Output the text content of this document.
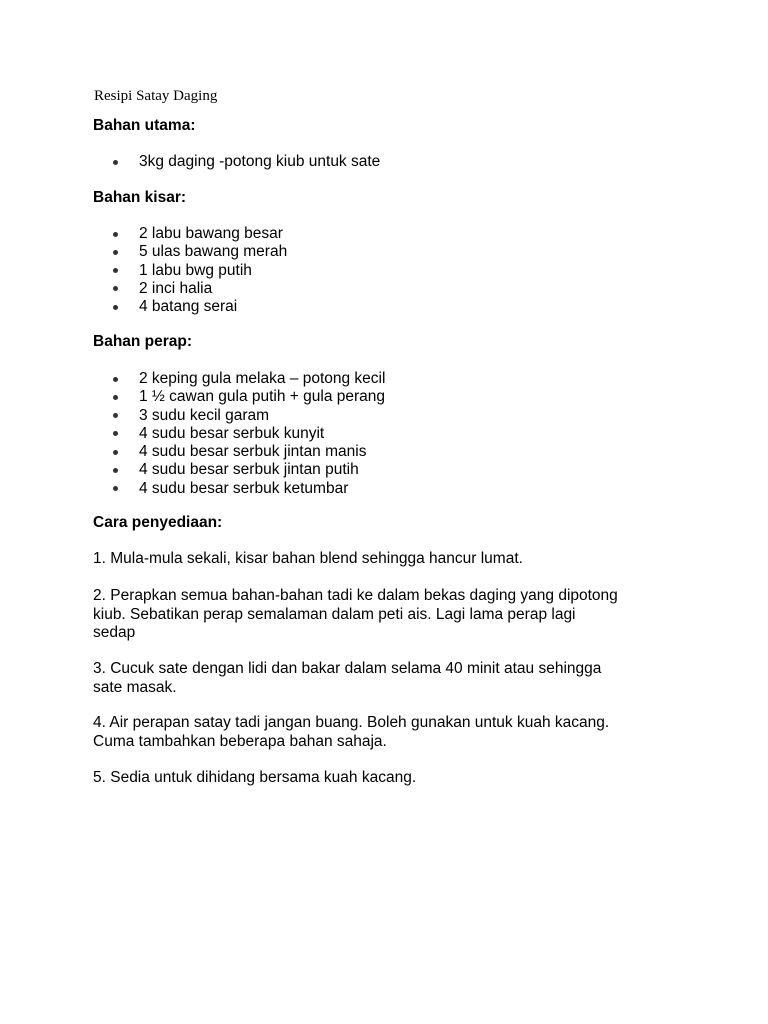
Resipi Satay Daging
Bahan utama:
3kg daging -potong kiub untuk sate
Bahan kisar:
2 labu bawang besar
5 ulas bawang merah
1 labu bwg putih
2 inci halia
4 batang serai
Bahan perap:
2 keping gula melaka – potong kecil
1 ½ cawan gula putih + gula perang
3 sudu kecil garam
4 sudu besar serbuk kunyit
4 sudu besar serbuk jintan manis
4 sudu besar serbuk jintan putih
4 sudu besar serbuk ketumbar
Cara penyediaan:
1. Mula-mula sekali, kisar bahan blend sehingga hancur lumat.
2. Perapkan semua bahan-bahan tadi ke dalam bekas daging yang dipotong
kiub. Sebatikan perap semalaman dalam peti ais. Lagi lama perap lagi
sedap
3. Cucuk sate dengan lidi dan bakar dalam selama 40 minit atau sehingga
sate masak.
4. Air perapan satay tadi jangan buang. Boleh gunakan untuk kuah kacang.
Cuma tambahkan beberapa bahan sahaja.
5. Sedia untuk dihidang bersama kuah kacang.
